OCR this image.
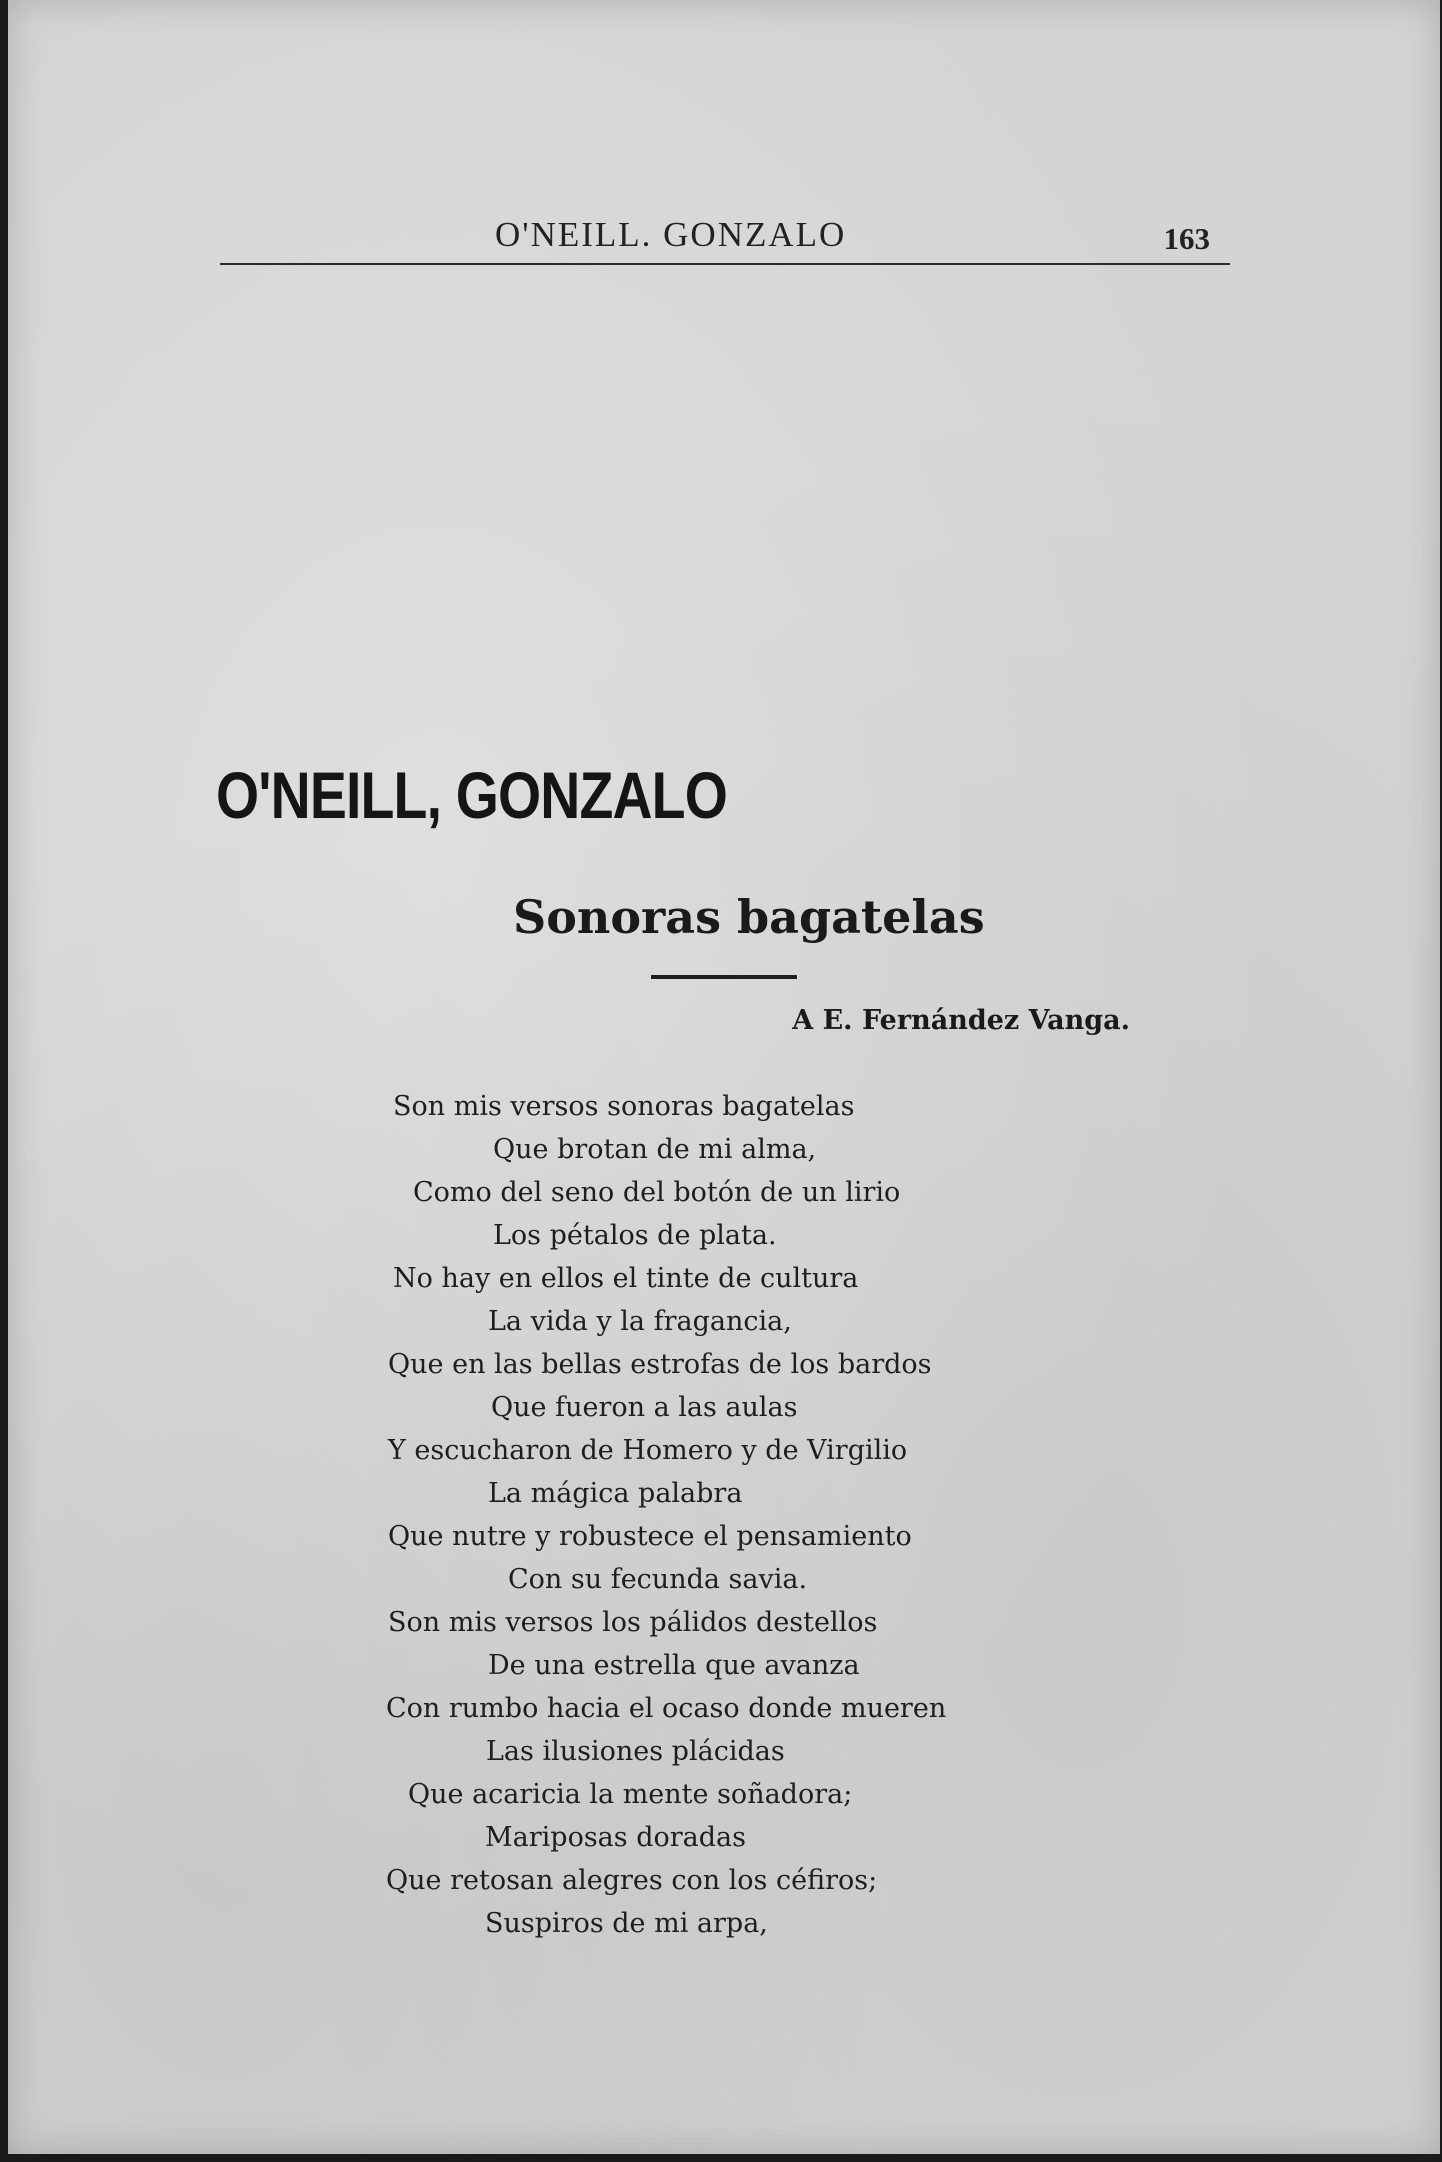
O'NEILL. GONZALO	163
O'NEILL, GONZALO
Sonoras bagatelas
A E. Fernández Vanga.
Son mis versos sonoras bagatelas
Que brotan de mi alma,
Como del seno del botón de un lirio
Los pétalos de plata.
No hay en ellos el tinte de cultura
La vida y la fragancia,
Que en las bellas estrofas de los bardos
Que fueron a las aulas
Y escucharon de Homero y de Virgilio
La mágica palabra
Que nutre y robustece el pensamiento
Con su fecunda savia.
Son mis versos los pálidos destellos
De una estrella que avanza
Con rumbo hacia el ocaso donde mueren
Las ilusiones plácidas
Que acaricia la mente soñadora;
Mariposas doradas
Que retosan alegres con los céfiros;
Suspiros de mi arpa,
